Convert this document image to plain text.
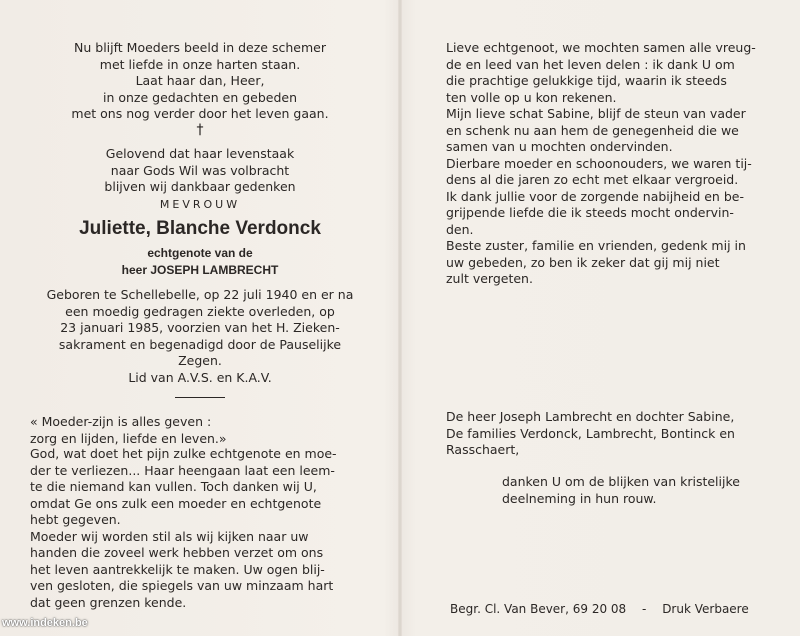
Nu blijft Moeders beeld in deze schemer

met liefde in onze harten staan.

Laat haar dan, Heer,

in onze gedachten en gebeden

met ons nog verder door het leven gaan.

†

Gelovend dat haar levenstaak

naar Gods Wil was volbracht

blijven wij dankbaar gedenken

MEVROUW
Juliette, Blanche Verdonck

echtgenote van de

heer JOSEPH LAMBRECHT

Geboren te Schellebelle, op 22 juli 1940 en er na

een moedig gedragen ziekte overleden, op

23 januari 1985, voorzien van het H. Zieken-

sakrament en begenadigd door de Pauselijke

Zegen.

Lid van A.V.S. en K.A.V.

« Moeder-zijn is alles geven :

zorg en lijden, liefde en leven.»

God, wat doet het pijn zulke echtgenote en moe-

der te verliezen... Haar heengaan laat een leem-

te die niemand kan vullen. Toch danken wij U,

omdat Ge ons zulk een moeder en echtgenote

hebt gegeven.

Moeder wij worden stil als wij kijken naar uw

handen die zoveel werk hebben verzet om ons

het leven aantrekkelijk te maken. Uw ogen blij-

ven gesloten, die spiegels van uw minzaam hart

dat geen grenzen kende.

Lieve echtgenoot, we mochten samen alle vreug-

de en leed van het leven delen : ik dank U om

die prachtige gelukkige tijd, waarin ik steeds

ten volle op u kon rekenen.

Mijn lieve schat Sabine, blijf de steun van vader

en schenk nu aan hem de genegenheid die we

samen van u mochten ondervinden.

Dierbare moeder en schoonouders, we waren tij-

dens al die jaren zo echt met elkaar vergroeid.

Ik dank jullie voor de zorgende nabijheid en be-

grijpende liefde die ik steeds mocht ondervin-

den.

Beste zuster, familie en vrienden, gedenk mij in

uw gebeden, zo ben ik zeker dat gij mij niet

zult vergeten.

De heer Joseph Lambrecht en dochter Sabine,

De families Verdonck, Lambrecht, Bontinck en

Rasschaert,

danken U om de blijken van kristelijke

deelneming in hun rouw.

Begr. Cl. Van Bever, 69 20 08 - Druk Verbaere
www.indeken.be
